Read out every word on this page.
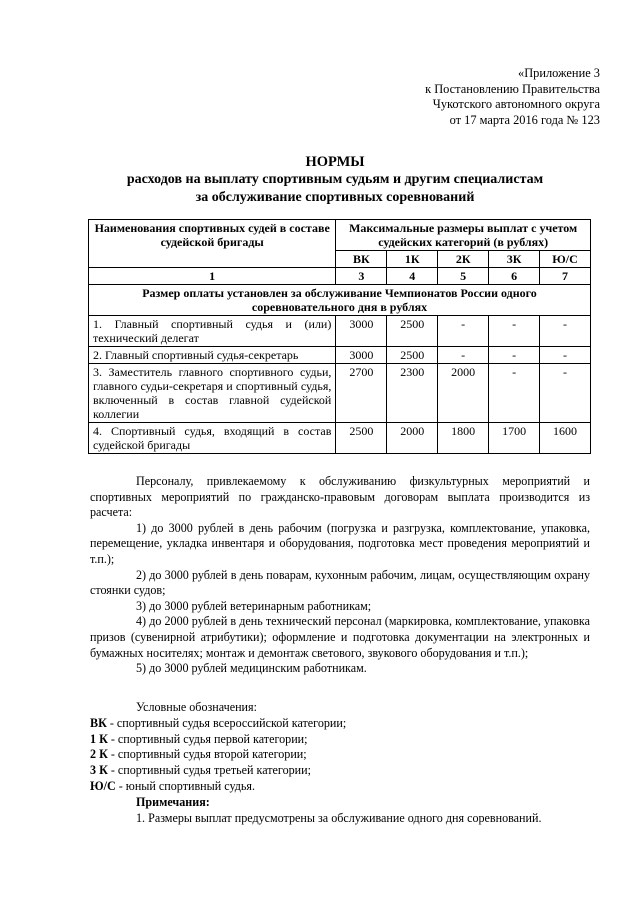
«Приложение 3
к Постановлению Правительства
Чукотского автономного округа
от 17 марта 2016 года № 123
НОРМЫ
расходов на выплату спортивным судьям и другим специалистам
за обслуживание спортивных соревнований
Наименования спортивных судей в составе судейской бригады	Максимальные размеры выплат с учетом судейских категорий (в рублях)				
	ВК	1К	2К	3К	Ю/С
1	3	4	5	6	7
Размер оплаты установлен за обслуживание Чемпионатов России одного соревновательного дня в рублях					
1. Главный спортивный судья и (или) технический делегат	3000	2500	-	-	-
2. Главный спортивный судья-секретарь	3000	2500	-	-	-
3. Заместитель главного спортивного судьи, главного судьи-секретаря и спортивный судья, включенный в состав главной судейской коллегии	2700	2300	2000	-	-
4. Спортивный судья, входящий в состав судейской бригады	2500	2000	1800	1700	1600

Персоналу, привлекаемому к обслуживанию физкультурных мероприятий и спортивных мероприятий по гражданско-правовым договорам выплата производится из расчета:

1) до 3000 рублей в день рабочим (погрузка и разгрузка, комплектование, упаковка, перемещение, укладка инвентаря и оборудования, подготовка мест проведения мероприятий и т.п.);

2) до 3000 рублей в день поварам, кухонным рабочим, лицам, осуществляющим охрану стоянки судов;

3) до 3000 рублей ветеринарным работникам;

4) до 2000 рублей в день технический персонал (маркировка, комплектование, упаковка призов (сувенирной атрибутики); оформление и подготовка документации на электронных и бумажных носителях; монтаж и демонтаж светового, звукового оборудования и т.п.);

5) до 3000 рублей медицинским работникам.

Условные обозначения:
ВК - спортивный судья всероссийской категории;
1 К - спортивный судья первой категории;
2 К - спортивный судья второй категории;
3 К - спортивный судья третьей категории;
Ю/С - юный спортивный судья.
Примечания:
1. Размеры выплат предусмотрены за обслуживание одного дня соревнований.
